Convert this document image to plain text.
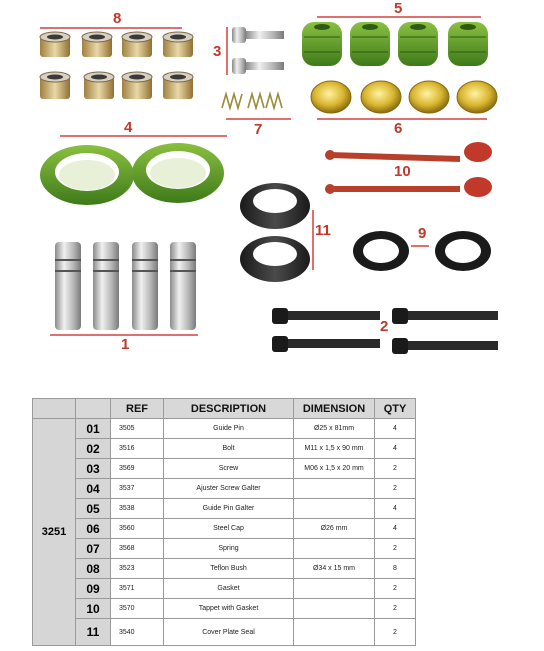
8
5
3
7	6
4
10
11	9
2
1
		REF	DESCRIPTION	DIMENSION	QTY
3251	01	3505	Guide Pin	Ø25 x 81mm	4
	02	3516	Bolt	M11 x 1,5 x 90 mm	4
	03	3569	Screw	M06 x 1,5 x 20 mm	2
	04	3537	Ajuster Screw Galter		2
	05	3538	Guide Pin Galter		4
	06	3560	Steel Cap	Ø26 mm	4
	07	3568	Spring		2
	08	3523	Teflon Bush	Ø34 x 15 mm	8
	09	3571	Gasket		2
	10	3570	Tappet with Gasket		2
	11	3540	Cover Plate Seal		2
